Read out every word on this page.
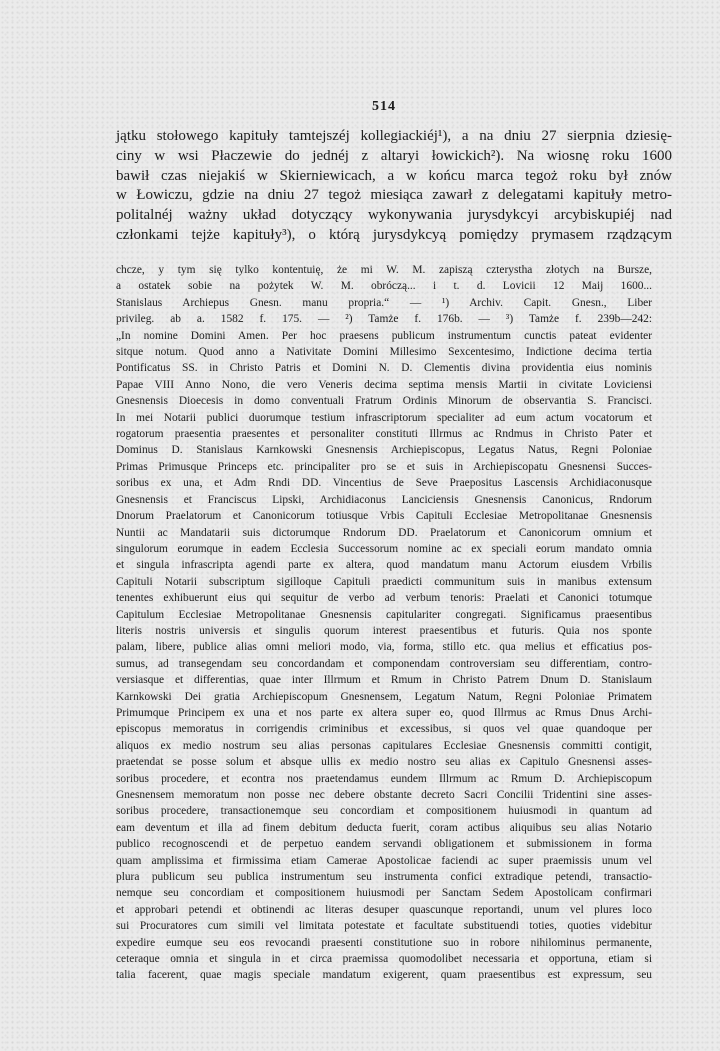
514

jątku stołowego kapituły tamtejszéj kollegiackiéj¹), a na dniu 27 sierpnia dziesię-

ciny w wsi Płaczewie do jednéj z altaryi łowickich²). Na wiosnę roku 1600

bawił czas niejakiś w Skierniewicach, a w końcu marca tegoż roku był znów

w Łowiczu, gdzie na dniu 27 tegoż miesiąca zawarł z delegatami kapituły metro-

politalnéj ważny układ dotyczący wykonywania jurysdykcyi arcybiskupiéj nad

członkami tejże kapituły³), o którą jurysdykcyą pomiędzy prymasem rządzącym

chcze, y tym się tylko kontentuię, że mi W. M. zapiszą czterystha złotych na Bursze,
a ostatek sobie na pożytek W. M. obróczą... i t. d. Lovicii 12 Maij 1600...
Stanislaus Archiepus Gnesn. manu propria.“ — ¹) Archiv. Capit. Gnesn., Liber
privileg. ab a. 1582 f. 175. — ²) Tamże f. 176b. — ³) Tamże f. 239b—242:
„In nomine Domini Amen. Per hoc praesens publicum instrumentum cunctis pateat evidenter
sitque notum. Quod anno a Nativitate Domini Millesimo Sexcentesimo, Indictione decima tertia
Pontificatus SS. in Christo Patris et Domini N. D. Clementis divina providentia eius nominis
Papae VIII Anno Nono, die vero Veneris decima septima mensis Martii in civitate Loviciensi
Gnesnensis Dioecesis in domo conventuali Fratrum Ordinis Minorum de observantia S. Francisci.
In mei Notarii publici duorumque testium infrascriptorum specialiter ad eum actum vocatorum et
rogatorum praesentia praesentes et personaliter constituti Illrmus ac Rndmus in Christo Pater et
Dominus D. Stanislaus Karnkowski Gnesnensis Archiepiscopus, Legatus Natus, Regni Poloniae
Primas Primusque Princeps etc. principaliter pro se et suis in Archiepiscopatu Gnesnensi Succes-
soribus ex una, et Adm Rndi DD. Vincentius de Seve Praepositus Lascensis Archidiaconusque
Gnesnensis et Franciscus Lipski, Archidiaconus Lanciciensis Gnesnensis Canonicus, Rndorum
Dnorum Praelatorum et Canonicorum totiusque Vrbis Capituli Ecclesiae Metropolitanae Gnesnensis
Nuntii ac Mandatarii suis dictorumque Rndorum DD. Praelatorum et Canonicorum omnium et
singulorum eorumque in eadem Ecclesia Successorum nomine ac ex speciali eorum mandato omnia
et singula infrascripta agendi parte ex altera, quod mandatum manu Actorum eiusdem Vrbilis
Capituli Notarii subscriptum sigilloque Capituli praedicti communitum suis in manibus extensum
tenentes exhibuerunt eius qui sequitur de verbo ad verbum tenoris: Praelati et Canonici totumque
Capitulum Ecclesiae Metropolitanae Gnesnensis capitulariter congregati. Significamus praesentibus
literis nostris universis et singulis quorum interest praesentibus et futuris. Quia nos sponte
palam, libere, publice alias omni meliori modo, via, forma, stillo etc. qua melius et efficatius pos-
sumus, ad transegendam seu concordandam et componendam controversiam seu differentiam, contro-
versiasque et differentias, quae inter Illrmum et Rmum in Christo Patrem Dnum D. Stanislaum
Karnkowski Dei gratia Archiepiscopum Gnesnensem, Legatum Natum, Regni Poloniae Primatem
Primumque Principem ex una et nos parte ex altera super eo, quod Illrmus ac Rmus Dnus Archi-
episcopus memoratus in corrigendis criminibus et excessibus, si quos vel quae quandoque per
aliquos ex medio nostrum seu alias personas capitulares Ecclesiae Gnesnensis committi contigit,
praetendat se posse solum et absque ullis ex medio nostro seu alias ex Capitulo Gnesnensi asses-
soribus procedere, et econtra nos praetendamus eundem Illrmum ac Rmum D. Archiepiscopum
Gnesnensem memoratum non posse nec debere obstante decreto Sacri Concilii Tridentini sine asses-
soribus procedere, transactionemque seu concordiam et compositionem huiusmodi in quantum ad
eam deventum et illa ad finem debitum deducta fuerit, coram actibus aliquibus seu alias Notario
publico recognoscendi et de perpetuo eandem servandi obligationem et submissionem in forma
quam amplissima et firmissima etiam Camerae Apostolicae faciendi ac super praemissis unum vel
plura publicum seu publica instrumentum seu instrumenta confici extradique petendi, transactio-
nemque seu concordiam et compositionem huiusmodi per Sanctam Sedem Apostolicam confirmari
et approbari petendi et obtinendi ac literas desuper quascunque reportandi, unum vel plures loco
sui Procuratores cum simili vel limitata potestate et facultate substituendi toties, quoties videbitur
expedire eumque seu eos revocandi praesenti constitutione suo in robore nihilominus permanente,
ceteraque omnia et singula in et circa praemissa quomodolibet necessaria et opportuna, etiam si
talia facerent, quae magis speciale mandatum exigerent, quam praesentibus est expressum, seu
